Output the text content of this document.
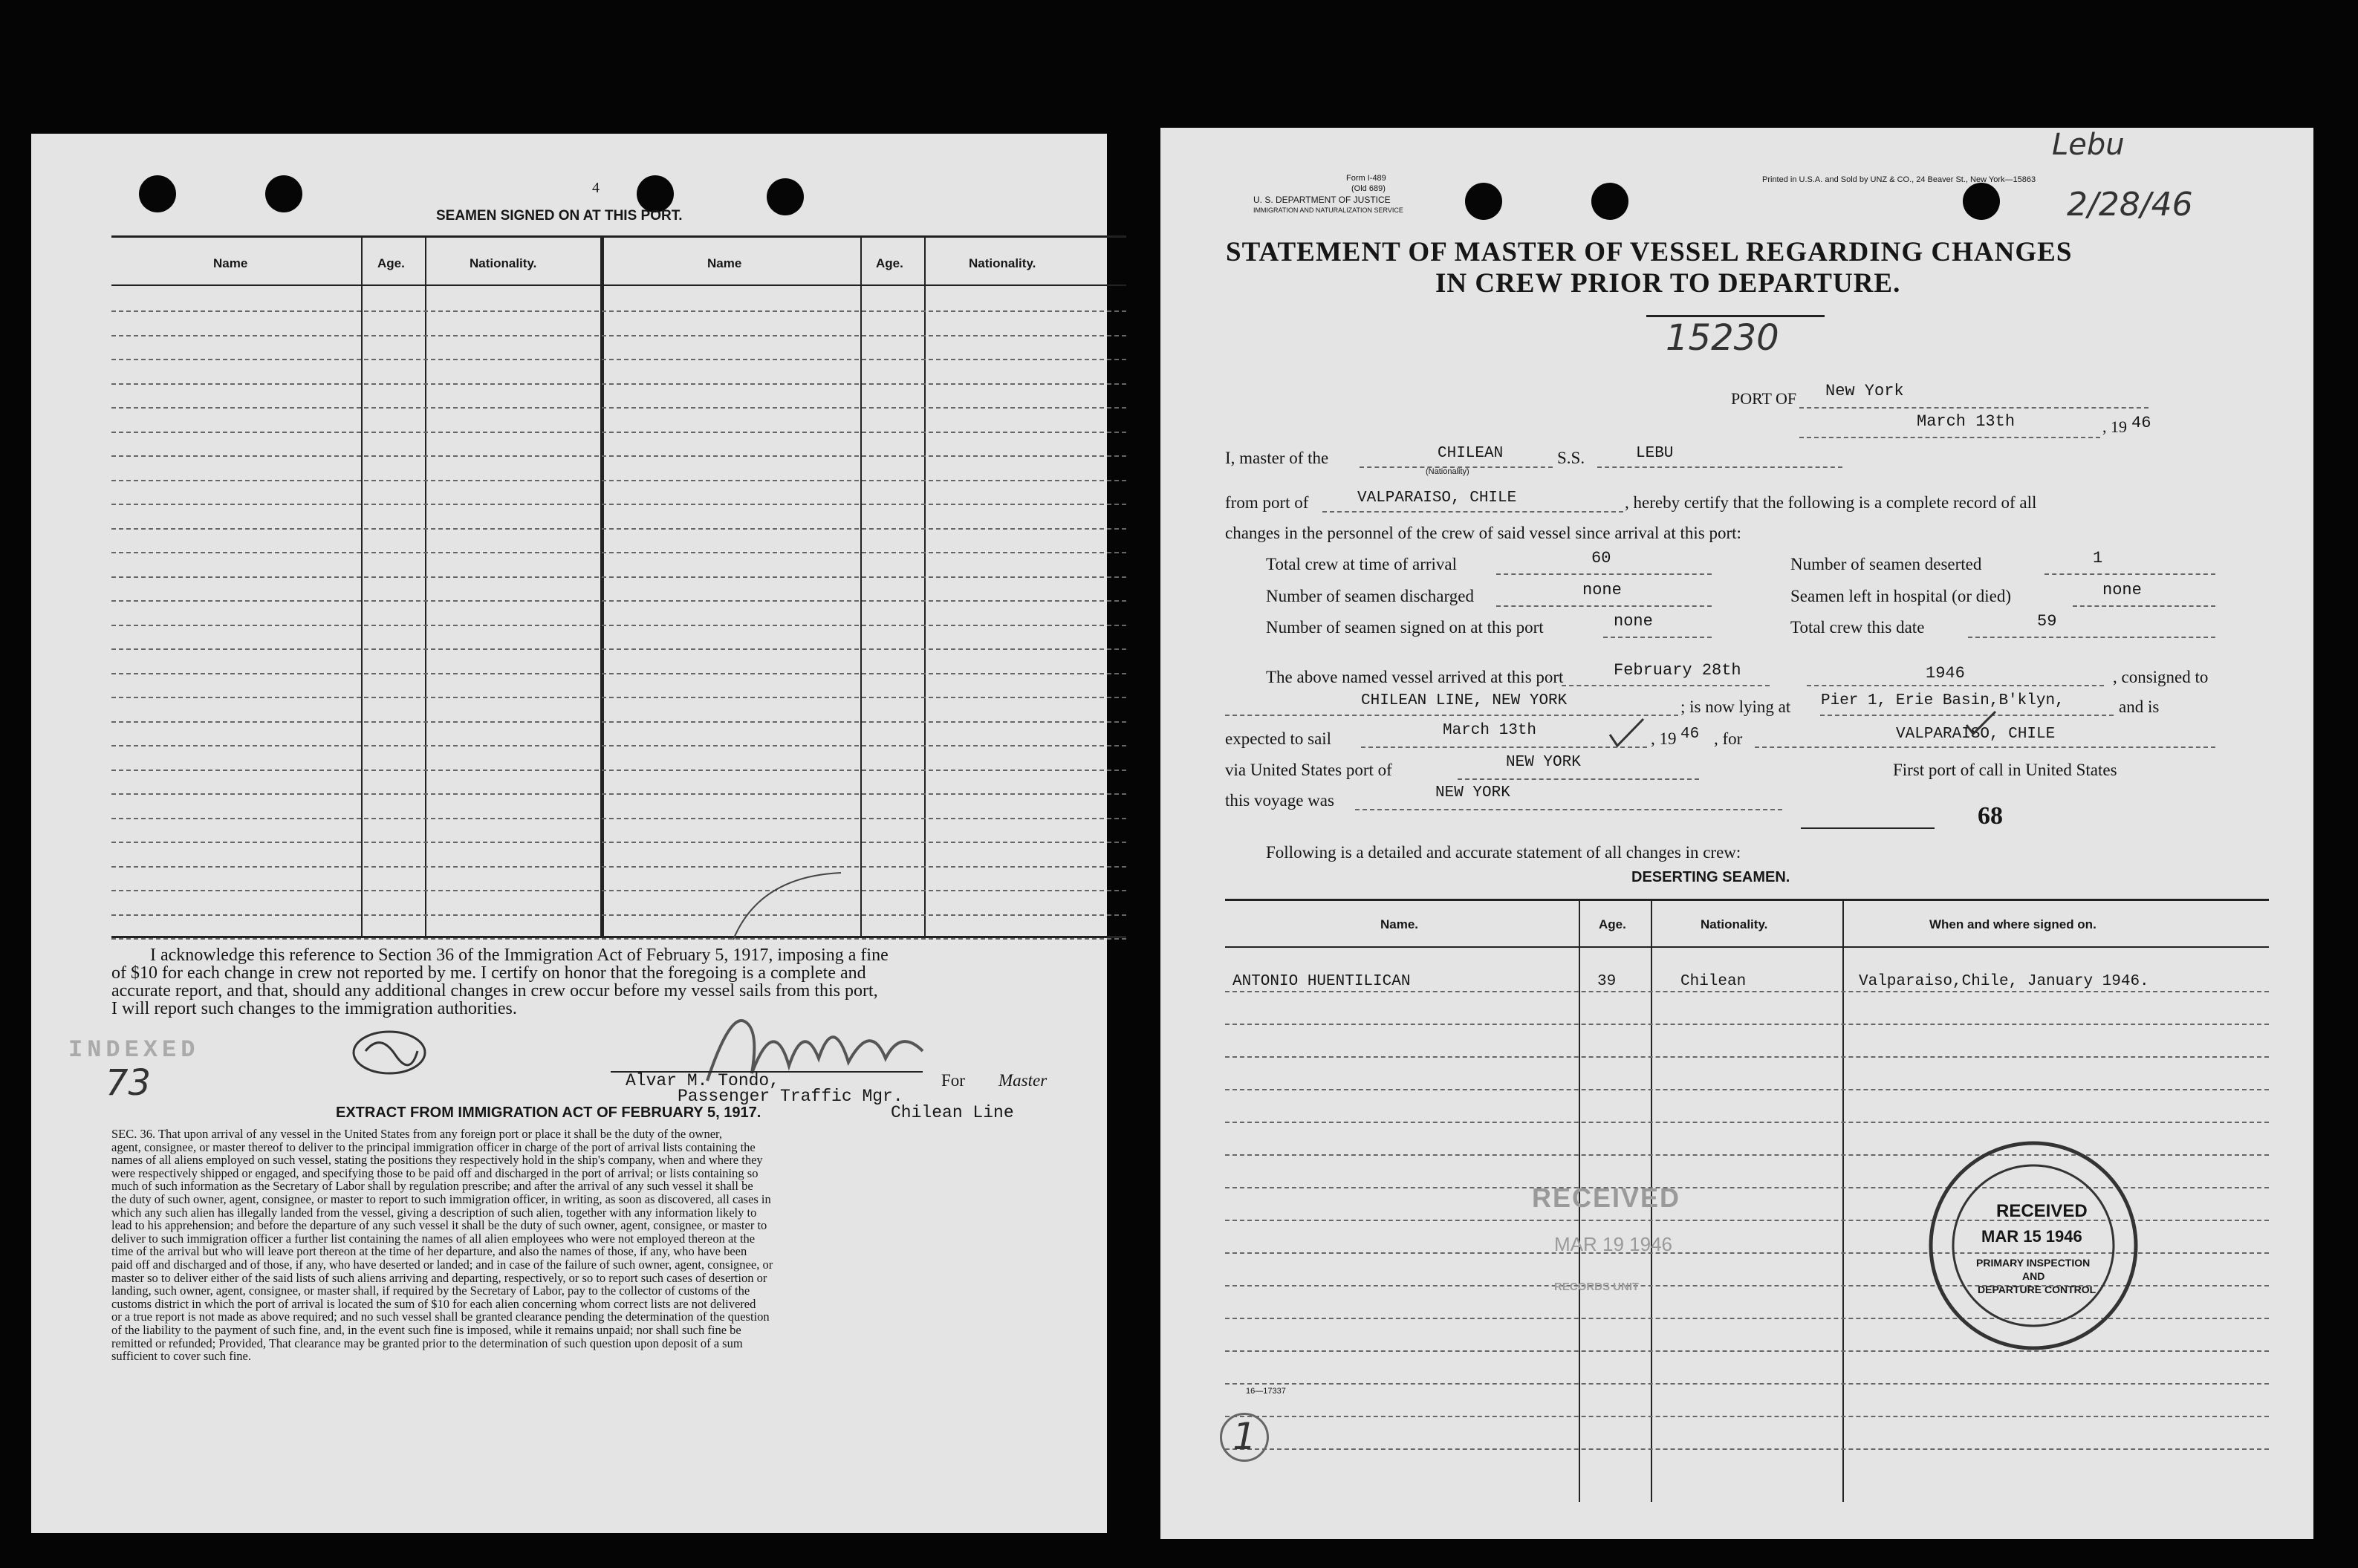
4
SEAMEN SIGNED ON AT THIS PORT.
Name	Age.	Nationality.	Name	Age.	Nationality.
I acknowledge this reference to Section 36 of the Immigration Act of February 5, 1917, imposing a fine
of $10 for each change in crew not reported by me. I certify on honor that the foregoing is a complete and
accurate report, and that, should any additional changes in crew occur before my vessel sails from this port,
I will report such changes to the immigration authorities.
INDEXED
73	Alvar M. Tondo,	For Master
Passenger Traffic Mgr.
Chilean Line
EXTRACT FROM IMMIGRATION ACT OF FEBRUARY 5, 1917.
SEC. 36. That upon arrival of any vessel in the United States from any foreign port or place it shall be the duty of the owner,
agent, consignee, or master thereof to deliver to the principal immigration officer in charge of the port of arrival lists containing the
names of all aliens employed on such vessel, stating the positions they respectively hold in the ship's company, when and where they
were respectively shipped or engaged, and specifying those to be paid off and discharged in the port of arrival; or lists containing so
much of such information as the Secretary of Labor shall by regulation prescribe; and after the arrival of any such vessel it shall be
the duty of such owner, agent, consignee, or master to report to such immigration officer, in writing, as soon as discovered, all cases in
which any such alien has illegally landed from the vessel, giving a description of such alien, together with any information likely to
lead to his apprehension; and before the departure of any such vessel it shall be the duty of such owner, agent, consignee, or master to
deliver to such immigration officer a further list containing the names of all alien employees who were not employed thereon at the
time of the arrival but who will leave port thereon at the time of her departure, and also the names of those, if any, who have been
paid off and discharged and of those, if any, who have deserted or landed; and in case of the failure of such owner, agent, consignee, or
master so to deliver either of the said lists of such aliens arriving and departing, respectively, or so to report such cases of desertion or
landing, such owner, agent, consignee, or master shall, if required by the Secretary of Labor, pay to the collector of customs of the
customs district in which the port of arrival is located the sum of $10 for each alien concerning whom correct lists are not delivered
or a true report is not made as above required; and no such vessel shall be granted clearance pending the determination of the question
of the liability to the payment of such fine, and, in the event such fine is imposed, while it remains unpaid; nor shall such fine be
remitted or refunded; Provided, That clearance may be granted prior to the determination of such question upon deposit of a sum
sufficient to cover such fine.
Form I-489
(Old 689)
U. S. DEPARTMENT OF JUSTICE
IMMIGRATION AND NATURALIZATION SERVICE
Printed in U.S.A. and Sold by UNZ & CO., 24 Beaver St., New York—15863
Lebu
2/28/46
STATEMENT OF MASTER OF VESSEL REGARDING CHANGES
IN CREW PRIOR TO DEPARTURE.
15230
PORT OF New York
March 13th	, 19 46
I, master of the	CHILEAN
(Nationality)
S.S.	LEBU
from port of	VALPARAISO, CHILE	, hereby certify that the following is a complete record of all
changes in the personnel of the crew of said vessel since arrival at this port:
Total crew at time of arrival	60
Number of seamen discharged	none
Number of seamen signed on at this port	none
Number of seamen deserted	1
Seamen left in hospital (or died)	none
Total crew this date	59
The above named vessel arrived at this port	February 28th	1946	, consigned to
CHILEAN LINE, NEW YORK	; is now lying at Pier 1, Erie Basin,B'klyn,	and is
expected to sail	March 13th	, 19 46 , for	VALPARAISO, CHILE
via United States port of	NEW YORK	First port of call in United States
this voyage was	NEW YORK
68
Following is a detailed and accurate statement of all changes in crew:
DESERTING SEAMEN.
Name.	Age.	Nationality.	When and where signed on.
ANTONIO HUENTILICAN	39	Chilean	Valparaiso,Chile, January 1946.
RECEIVED
MAR 19 1946
RECORDS UNIT
RECEIVED
MAR 15 1946
PRIMARY INSPECTION
AND
DEPARTURE CONTROL
16—17337
1
